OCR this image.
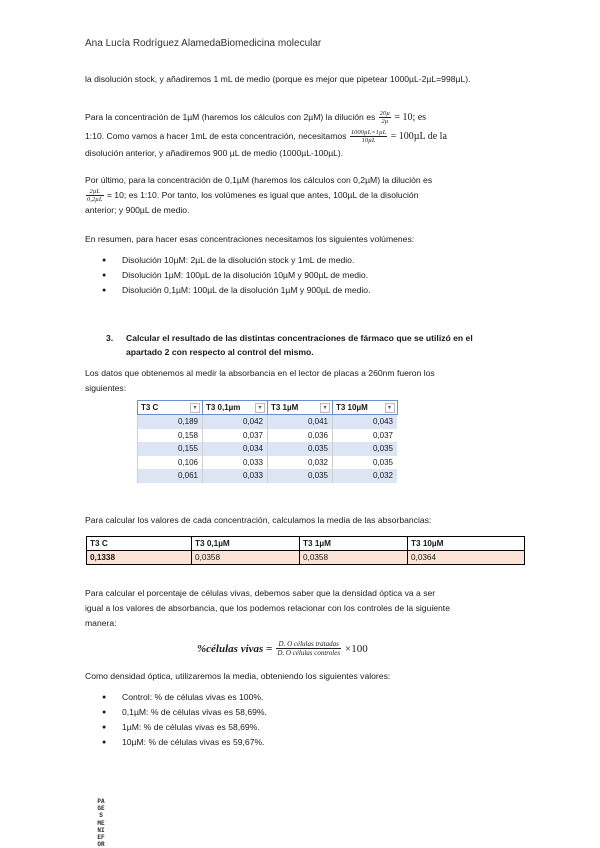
Ana Lucía Rodríguez AlamedaBiomedicina molecular
la disolución stock, y añadiremos 1 mL de medio (porque es mejor que pipetear 1000µL-2µL=998µL).
Para la concentración de 1µM (haremos los cálculos con 2µM) la dilución es $\frac{\text{20µ}}{\text{2µ}} = 10$; es
1:10. Como vamos a hacer 1mL de esta concentración, necesitamos $\frac{\text{1000µL×1µL}}{\text{10µL}} = 100\mu L$ de la
disolución anterior, y añadiremos 900 µL de medio (1000µL-100µL).
Por último, para la concentración de 0,1µM (haremos los cálculos con 0,2µM) la dilución es
$\frac{\text{2µL}}{\text{0,2µL}} = 10$; es 1:10. Por tanto, los volúmenes es igual que antes, 100µL de la disolución
anterior; y 900µL de medio.
En resumen, para hacer esas concentraciones necesitamos los siguientes volúmenes:
● Disolución 10µM: 2µL de la disolución stock y 1mL de medio.
● Disolución 1µM: 100µL de la disolución 10µM y 900µL de medio.
● Disolución 0,1µM: 100µL de la disolución 1µM y 900µL de medio.
3. Calcular el resultado de las distintas concentraciones de fármaco que se utilizó en el
apartado 2 con respecto al control del mismo.
Los datos que obtenemos al medir la absorbancia en el lector de placas a 260nm fueron los
siguientes:
T3 C ▾	T3 0,1µm ▾	T3 1µM ▾	T3 10µM ▾

0,189	0,042	0,041	0,043
0,158	0,037	0,036	0,037
0,155	0,034	0,035	0,035
0,106	0,033	0,032	0,035
0,061	0,033	0,035	0,032
Para calcular los valores de cada concentración, calculamos la media de las absorbancias:
T3 C	T3 0,1µM	T3 1µM	T3 10µM
0,1338	0,0358	0,0358	0,0364
Para calcular el porcentaje de células vivas, debemos saber que la densidad óptica va a ser
igual a los valores de absorbancia, que los podemos relacionar con los controles de la siguiente
manera:
%células vivas = $\frac{\text{D. O células tratadas}}{\text{D. O células controles}} \times 100$
Como densidad óptica, utilizaremos la media, obteniendo los siguientes valores:
● Control: % de células vivas es 100%.
● 0,1µM: % de células vivas es 58,69%.
● 1µM: % de células vivas es 58,69%.
● 10µM: % de células vivas es 59,67%.
PA
GE
S
ME
NI
EF
OR
